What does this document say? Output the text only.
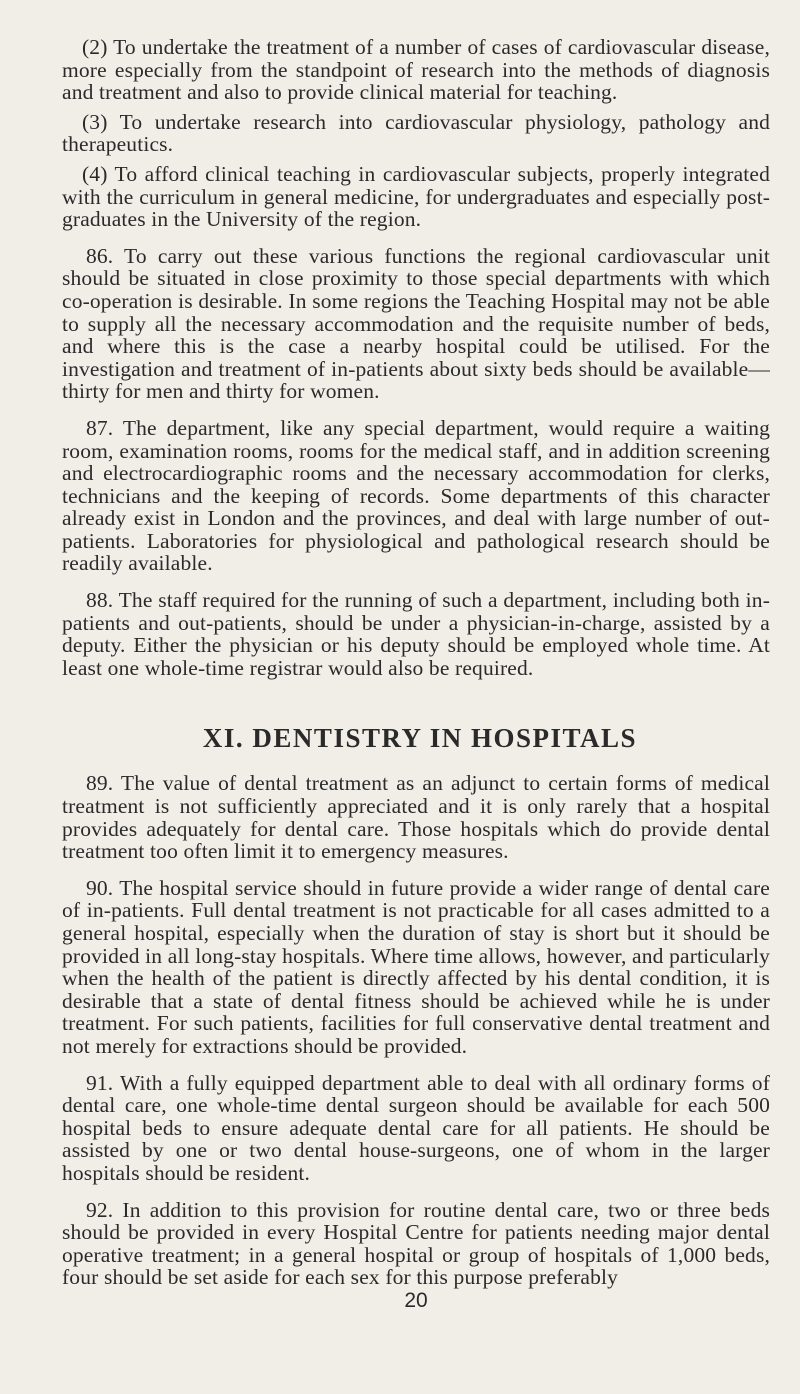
(2) To undertake the treatment of a number of cases of cardiovascular disease, more especially from the standpoint of research into the methods of diagnosis and treatment and also to provide clinical material for teaching.

(3) To undertake research into cardiovascular physiology, pathology and therapeutics.

(4) To afford clinical teaching in cardiovascular subjects, properly integrated with the curriculum in general medicine, for undergraduates and especially post-graduates in the University of the region.

86. To carry out these various functions the regional cardiovascular unit should be situated in close proximity to those special departments with which co-operation is desirable. In some regions the Teaching Hospital may not be able to supply all the necessary accommodation and the requisite number of beds, and where this is the case a nearby hospital could be utilised. For the investigation and treatment of in-patients about sixty beds should be available—thirty for men and thirty for women.

87. The department, like any special department, would require a waiting room, examination rooms, rooms for the medical staff, and in addition screening and electrocardiographic rooms and the necessary accommodation for clerks, technicians and the keeping of records. Some departments of this character already exist in London and the provinces, and deal with large number of out-patients. Laboratories for physiological and pathological research should be readily available.

88. The staff required for the running of such a department, including both in-patients and out-patients, should be under a physician-in-charge, assisted by a deputy. Either the physician or his deputy should be employed whole time. At least one whole-time registrar would also be required.

XI. DENTISTRY IN HOSPITALS

89. The value of dental treatment as an adjunct to certain forms of medical treatment is not sufficiently appreciated and it is only rarely that a hospital provides adequately for dental care. Those hospitals which do provide dental treatment too often limit it to emergency measures.

90. The hospital service should in future provide a wider range of dental care of in-patients. Full dental treatment is not practicable for all cases admitted to a general hospital, especially when the duration of stay is short but it should be provided in all long-stay hospitals. Where time allows, however, and particularly when the health of the patient is directly affected by his dental condition, it is desirable that a state of dental fitness should be achieved while he is under treatment. For such patients, facilities for full conservative dental treatment and not merely for extractions should be provided.

91. With a fully equipped department able to deal with all ordinary forms of dental care, one whole-time dental surgeon should be available for each 500 hospital beds to ensure adequate dental care for all patients. He should be assisted by one or two dental house-surgeons, one of whom in the larger hospitals should be resident.

92. In addition to this provision for routine dental care, two or three beds should be provided in every Hospital Centre for patients needing major dental operative treatment; in a general hospital or group of hospitals of 1,000 beds, four should be set aside for each sex for this purpose preferably

20
